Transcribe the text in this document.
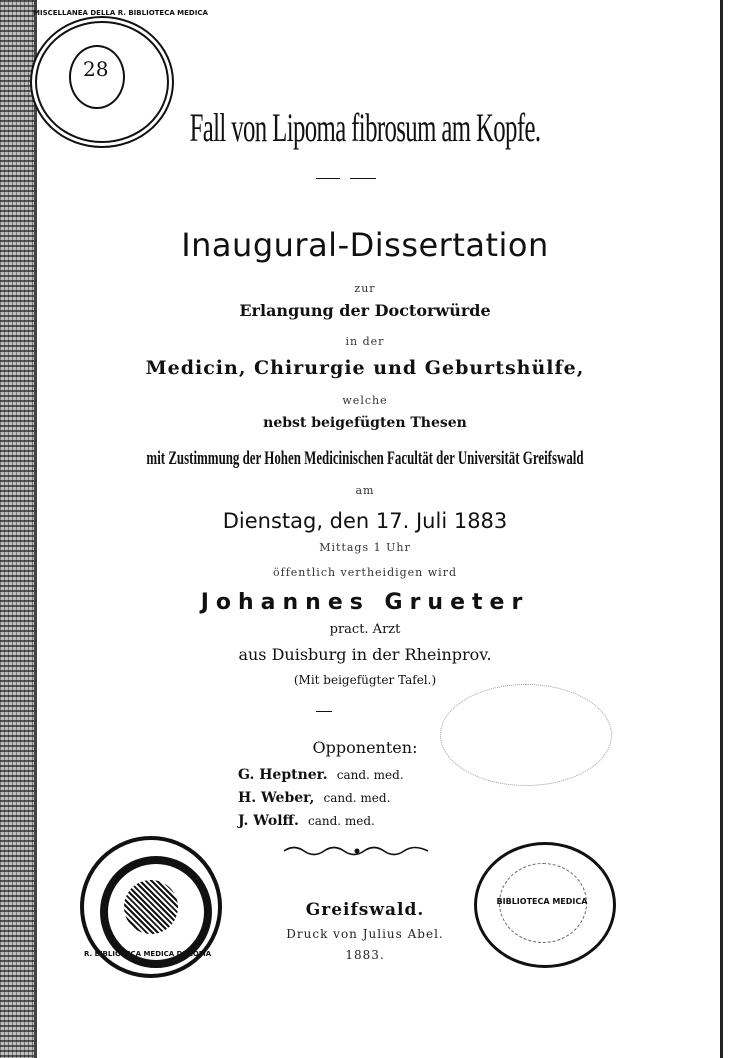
28
MISCELLANEA DELLA R. BIBLIOTECA MEDICA
Fall von Lipoma fibrosum am Kopfe.
Inaugural-Dissertation
zur
Erlangung der Doctorwürde
in der
Medicin, Chirurgie und Geburtshülfe,
welche
nebst beigefügten Thesen
mit Zustimmung der Hohen Medicinischen Facultät der Universität Greifswald
am
Dienstag, den 17. Juli 1883
Mittags 1 Uhr
öffentlich vertheidigen wird
Johannes Grueter
pract. Arzt
aus Duisburg in der Rheinprov.
(Mit beigefügter Tafel.)
Opponenten:
G. Heptner. cand. med.
H. Weber, cand. med.
J. Wolff. cand. med.
R. BIBLIOTECA MEDICA DI ROMA
BIBLIOTECA MEDICA
Greifswald.
Druck von Julius Abel.
1883.
